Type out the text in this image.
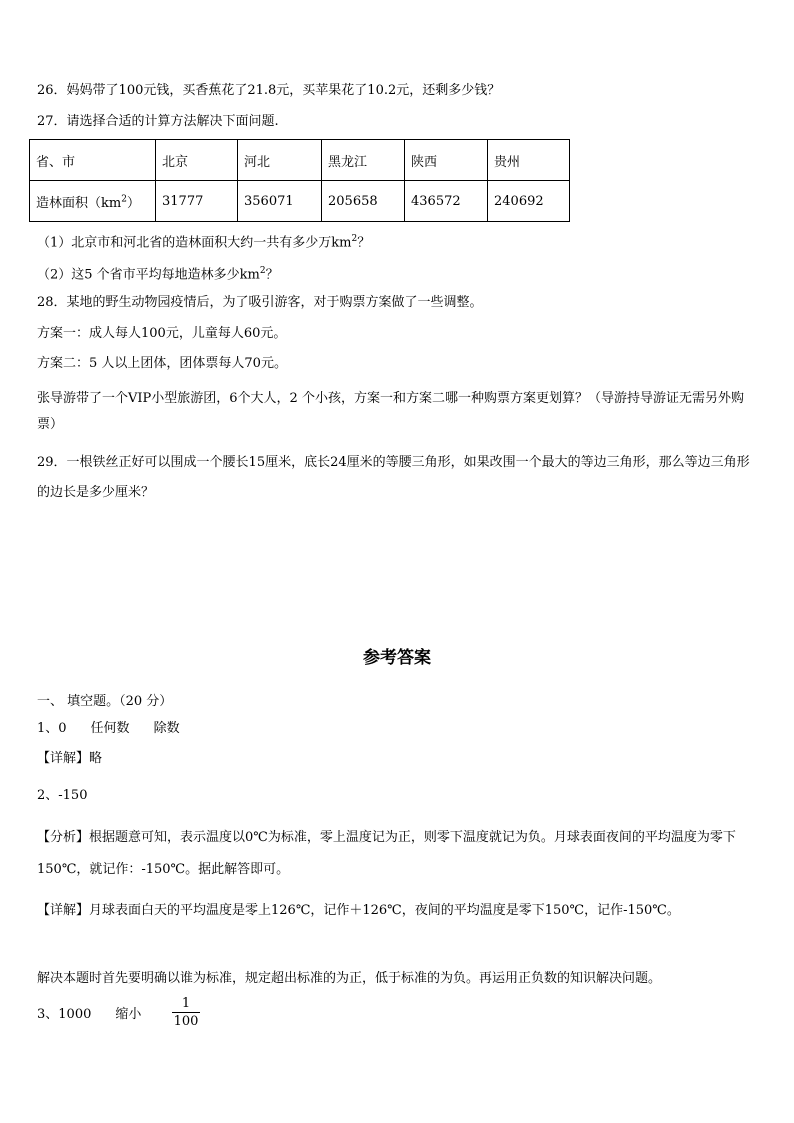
26．妈妈带了100元钱，买香蕉花了21.8元，买苹果花了10.2元，还剩多少钱？
27．请选择合适的计算方法解决下面问题.
省、市	北京	河北	黑龙江	陕西	贵州
造林面积$(km^2)$	31777	356071	205658	436572	240692
（1）北京市和河北省的造林面积大约一共有多少万$km^2$？
（2）这5 个省市平均每地造林多少$km^2$？
28．某地的野生动物园疫情后，为了吸引游客，对于购票方案做了一些调整。
方案一：成人每人100元，儿童每人60元。
方案二：5 人以上团体，团体票每人70元。
张导游带了一个VIP小型旅游团，6个大人，2 个小孩，方案一和方案二哪一种购票方案更划算？（导游持导游证无需另外购票）
29．一根铁丝正好可以围成一个腰长15厘米，底长24厘米的等腰三角形，如果改围一个最大的等边三角形，那么等边三角形的边长是多少厘米？
参考答案
一、 填空题。（20 分）
1、0 任何数 除数
【详解】略
2、-150
【分析】根据题意可知，表示温度以0℃为标准，零上温度记为正，则零下温度就记为负。月球表面夜间的平均温度为零下150℃，就记作：-150℃。据此解答即可。
【详解】月球表面白天的平均温度是零上126℃，记作＋126℃，夜间的平均温度是零下150℃，记作-150℃。
解决本题时首先要明确以谁为标准，规定超出标准的为正，低于标准的为负。再运用正负数的知识解决问题。
3、1000 缩小 $\frac{1}{100}$
